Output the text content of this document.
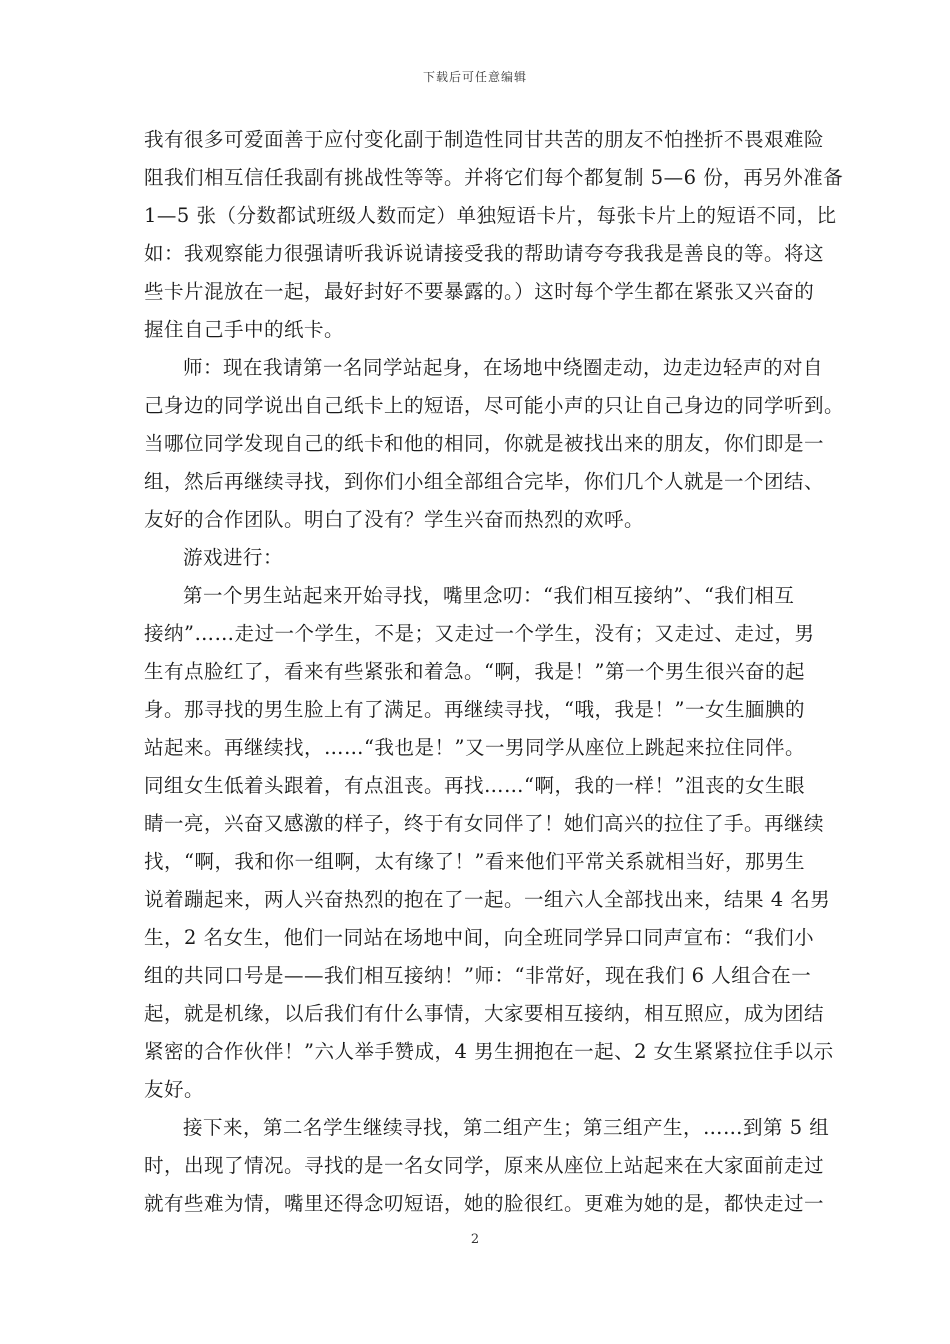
下载后可任意编辑
我有很多可爱面善于应付变化副于制造性同甘共苦的朋友不怕挫折不畏艰难险
阻我们相互信任我副有挑战性等等。并将它们每个都复制 5—6 份，再另外准备
1—5 张（分数都试班级人数而定）单独短语卡片，每张卡片上的短语不同，比
如：我观察能力很强请听我诉说请接受我的帮助请夸夸我我是善良的等。将这
些卡片混放在一起，最好封好不要暴露的。）这时每个学生都在紧张又兴奋的
握住自己手中的纸卡。
师：现在我请第一名同学站起身，在场地中绕圈走动，边走边轻声的对自
己身边的同学说出自己纸卡上的短语，尽可能小声的只让自己身边的同学听到。
当哪位同学发现自己的纸卡和他的相同，你就是被找出来的朋友，你们即是一
组，然后再继续寻找，到你们小组全部组合完毕，你们几个人就是一个团结、
友好的合作团队。明白了没有？学生兴奋而热烈的欢呼。
游戏进行：
第一个男生站起来开始寻找，嘴里念叨：“我们相互接纳”、“我们相互
接纳”……走过一个学生，不是；又走过一个学生，没有；又走过、走过，男
生有点脸红了，看来有些紧张和着急。“啊，我是！”第一个男生很兴奋的起
身。那寻找的男生脸上有了满足。再继续寻找，“哦，我是！”一女生腼腆的
站起来。再继续找，……“我也是！”又一男同学从座位上跳起来拉住同伴。
同组女生低着头跟着，有点沮丧。再找……“啊，我的一样！”沮丧的女生眼
睛一亮，兴奋又感激的样子，终于有女同伴了！她们高兴的拉住了手。再继续
找，“啊，我和你一组啊，太有缘了！”看来他们平常关系就相当好，那男生
说着蹦起来，两人兴奋热烈的抱在了一起。一组六人全部找出来，结果 4 名男
生，2 名女生，他们一同站在场地中间，向全班同学异口同声宣布：“我们小
组的共同口号是——我们相互接纳！”师：“非常好，现在我们 6 人组合在一
起，就是机缘，以后我们有什么事情，大家要相互接纳，相互照应，成为团结
紧密的合作伙伴！”六人举手赞成，4 男生拥抱在一起、2 女生紧紧拉住手以示
友好。
接下来，第二名学生继续寻找，第二组产生；第三组产生，……到第 5 组
时，出现了情况。寻找的是一名女同学，原来从座位上站起来在大家面前走过
就有些难为情，嘴里还得念叨短语，她的脸很红。更难为她的是，都快走过一
2
